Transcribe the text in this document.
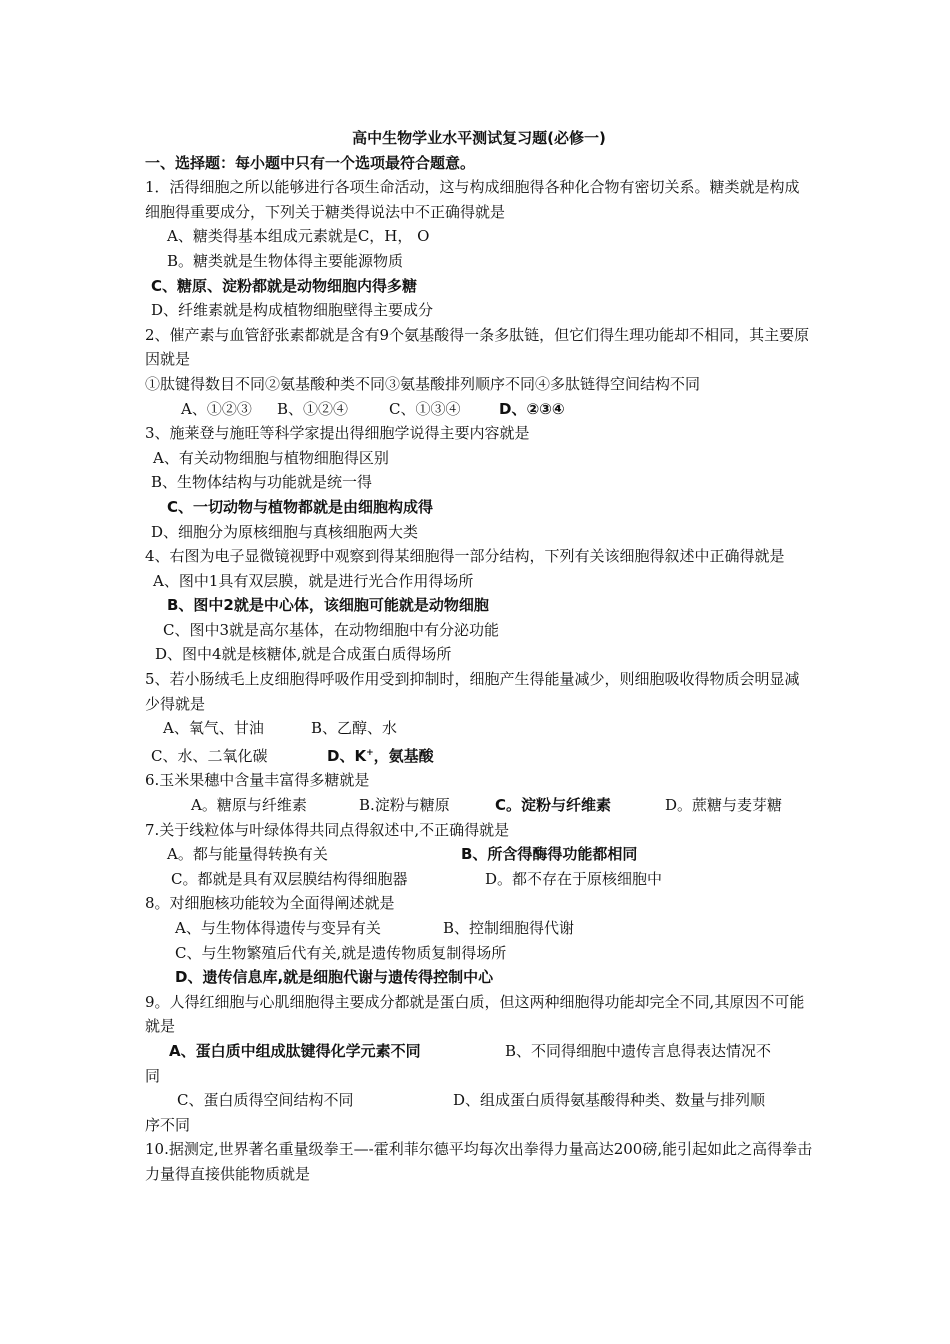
高中生物学业水平测试复习题(必修一)
一、选择题：每小题中只有一个选项最符合题意。
1．活得细胞之所以能够进行各项生命活动，这与构成细胞得各种化合物有密切关系。糖类就是构成细胞得重要成分，下列关于糖类得说法中不正确得就是
A、糖类得基本组成元素就是C，H， O
B。糖类就是生物体得主要能源物质
C、糖原、淀粉都就是动物细胞内得多糖
D、纤维素就是构成植物细胞壁得主要成分
2、催产素与血管舒张素都就是含有9个氨基酸得一条多肽链，但它们得生理功能却不相同，其主要原因就是
①肽键得数目不同②氨基酸种类不同③氨基酸排列顺序不同④多肽链得空间结构不同
A、①②③ B、①②④	C、①③④	D、②③④
3、施莱登与施旺等科学家提出得细胞学说得主要内容就是
A、有关动物细胞与植物细胞得区别
B、生物体结构与功能就是统一得
C、一切动物与植物都就是由细胞构成得
D、细胞分为原核细胞与真核细胞两大类
4、右图为电子显微镜视野中观察到得某细胞得一部分结构，下列有关该细胞得叙述中正确得就是
A、图中1具有双层膜，就是进行光合作用得场所
B、图中2就是中心体，该细胞可能就是动物细胞
C、图中3就是高尔基体，在动物细胞中有分泌功能
D、图中4就是核糖体,就是合成蛋白质得场所
5、若小肠绒毛上皮细胞得呼吸作用受到抑制时，细胞产生得能量减少，则细胞吸收得物质会明显减少得就是
A、氧气、甘油	B、乙醇、水
C、水、二氧化碳	D、K+，氨基酸
6.玉米果穗中含量丰富得多糖就是
A。糖原与纤维素	B.淀粉与糖原	C。淀粉与纤维素	D。蔗糖与麦芽糖
7.关于线粒体与叶绿体得共同点得叙述中,不正确得就是
A。都与能量得转换有关	B、所含得酶得功能都相同
C。都就是具有双层膜结构得细胞器	D。都不存在于原核细胞中
8。对细胞核功能较为全面得阐述就是
A、与生物体得遗传与变异有关	B、控制细胞得代谢
C、与生物繁殖后代有关,就是遗传物质复制得场所
D、遗传信息库,就是细胞代谢与遗传得控制中心
9。人得红细胞与心肌细胞得主要成分都就是蛋白质，但这两种细胞得功能却完全不同,其原因不可能就是
A、蛋白质中组成肽键得化学元素不同	B、不同得细胞中遗传言息得表达情况不
同
C、蛋白质得空间结构不同	D、组成蛋白质得氨基酸得种类、数量与排列顺
序不同
10.据测定,世界著名重量级拳王—-霍利菲尔德平均每次出拳得力量高达200磅,能引起如此之高得拳击力量得直接供能物质就是
